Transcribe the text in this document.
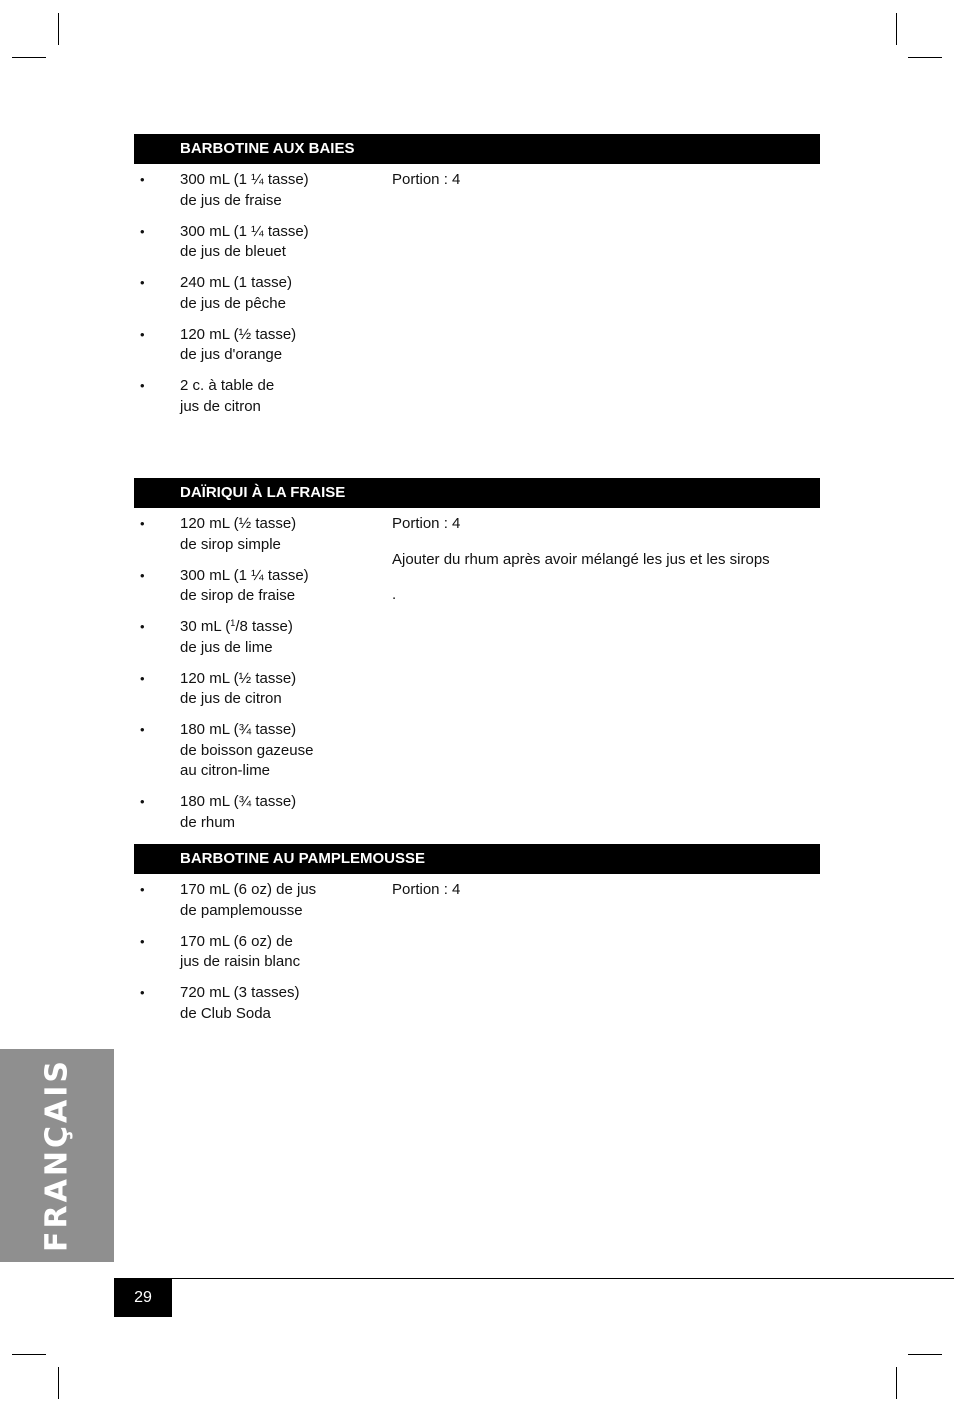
BARBOTINE AUX BAIES
• 300 mL (1 ¼ tasse)
de jus de fraise
• 300 mL (1 ¼ tasse)
de jus de bleuet
• 240 mL (1 tasse)
de jus de pêche
• 120 mL (½ tasse)
de jus d'orange
• 2 c. à table de
jus de citron

Portion : 4

DAÏRIQUI À LA FRAISE
• 120 mL (½ tasse)
de sirop simple
• 300 mL (1 ¼ tasse)
de sirop de fraise
• 30 mL ($^1$/8 tasse)
de jus de lime
• 120 mL (½ tasse)
de jus de citron
• 180 mL (¾ tasse)
de boisson gazeuse
au citron-lime
• 180 mL (¾ tasse)
de rhum

Portion : 4

Ajouter du rhum après avoir mélangé les jus et les sirops

.

BARBOTINE AU PAMPLEMOUSSE
• 170 mL (6 oz) de jus
de pamplemousse
• 170 mL (6 oz) de
jus de raisin blanc
• 720 mL (3 tasses)
de Club Soda

Portion : 4

FRANÇAIS
29
